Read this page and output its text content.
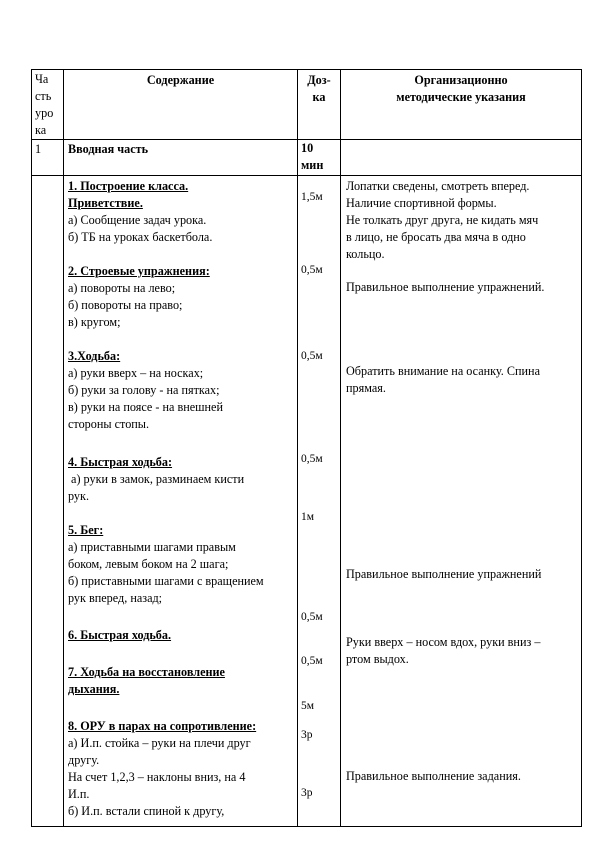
Ча
сть
уро
ка
Содержание	Доз-
ка
Организационно
методические указания
1 Вводная часть	10
мин
1. Построение класса.
Приветствие.
а) Сообщение задач урока.
б) ТБ на уроках баскетбола.
2. Строевые упражнения:
а) повороты на лево;
б) повороты на право;
в) кругом;
3.Ходьба:
а) руки вверх – на носках;
б) руки за голову - на пятках;
в) руки на поясе - на внешней
стороны стопы.
4. Быстрая ходьба:
а) руки в замок, разминаем кисти
рук.
5. Бег:
а) приставными шагами правым
боком, левым боком на 2 шага;
б) приставными шагами с вращением
рук вперед, назад;
6. Быстрая ходьба.
7. Ходьба на восстановление
дыхания.
8. ОРУ в парах на сопротивление:
а) И.п. стойка – руки на плечи друг
другу.
На счет 1,2,3 – наклоны вниз, на 4
И.п.
б) И.п. встали спиной к другу,
1,5м
0,5м
0,5м
0,5м
1м
0,5м
0,5м
5м
3р
3р
Лопатки сведены, смотреть вперед.
Наличие спортивной формы.
Не толкать друг друга, не кидать мяч
в лицо, не бросать два мяча в одно
кольцо.
Правильное выполнение упражнений.
Обратить внимание на осанку. Спина
прямая.
Правильное выполнение упражнений
Руки вверх – носом вдох, руки вниз –
ртом выдох.
Правильное выполнение задания.
